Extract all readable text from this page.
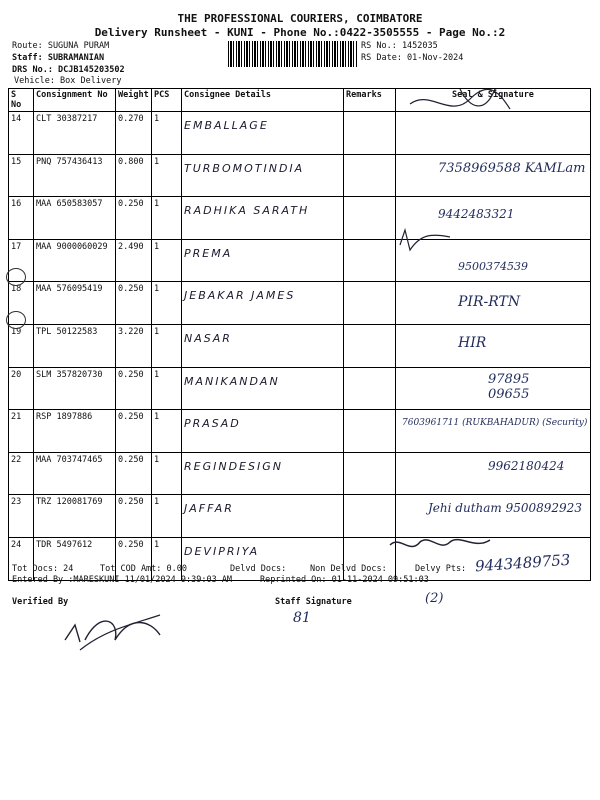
THE PROFESSIONAL COURIERS, COIMBATORE
Delivery Runsheet - KUNI - Phone No.:0422-3505555 - Page No.:2
Route: SUGUNA PURAM
Staff: SUBRAMANIAN
DRS No.: DCJB145203502
Vehicle: Box Delivery
RS No.: 1452035
RS Date: 01-Nov-2024
S No	Consignment No	Weight	PCS	Consignee Details	Remarks	Seal & Signature
14	CLT 30387217	0.270	1	EMBALLAGE		

15	PNQ 757436413	0.800	1	TURBOMOTINDIA		7358969588 KAMLam

16	MAA 650583057	0.250	1	RADHIKA SARATH		9442483321

17	MAA 9000060029	2.490	1	PREMA		9500374539

18	MAA 576095419	0.250	1	JEBAKAR JAMES		PIR-RTN

19	TPL 50122583	3.220	1	NASAR		HIR

20	SLM 357820730	0.250	1	MANIKANDAN		97895 09655

21	RSP 1897886	0.250	1	PRASAD		7603961711 (RUKBAHADUR) (Security)

22	MAA 703747465	0.250	1	REGINDESIGN		9962180424

23	TRZ 120081769	0.250	1	JAFFAR		Jehi dutham 9500892923

24	TDR 5497612	0.250	1	DEVIPRIYA		

Tot Docs: 24	Tot COD Amt: 0.00	Delvd Docs:	Non Delvd Docs:	Delvy Pts: 9443489753
Entered By :MARESKUNI 11/01/2024 9:39:03 AM	Reprinted On: 01-11-2024 09:51:03
Verified By	Staff Signature	(2)
81
